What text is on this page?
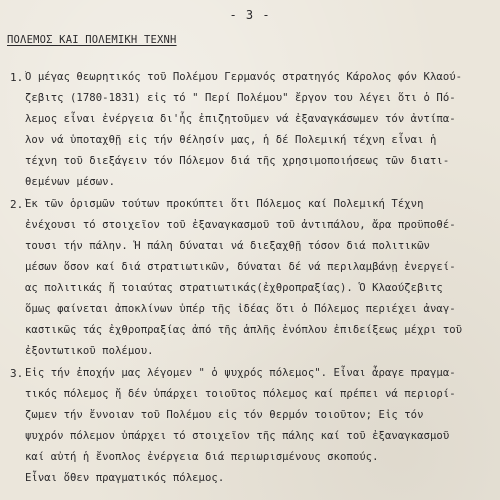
- 3 -
ΠΟΛΕΜΟΣ ΚΑΙ ΠΟΛΕΜΙΚΗ ΤΕΧΝΗ
1. Ὁ μέγας θεωρητικός τοῦ Πολέμου Γερμανός στρατηγός Κάρολος φόν Κλαού-
ζεβιτς (1780-1831) εἰς τό " Περί Πολέμου" ἔργον του λέγει ὅτι ὁ Πό-
λεμος εἶναι ἐνέργεια δι'ἧς ἐπιζητοῦμεν νά ἐξαναγκάσωμεν τόν ἀντίπα-
λον νά ὑποταχθῇ εἰς τήν θέλησίν μας, ἡ δέ Πολεμική τέχνη εἶναι ἡ
τέχνη τοῦ διεξάγειν τόν Πόλεμον διά τῆς χρησιμοποιήσεως τῶν διατι-
θεμένων μέσων.
2. Ἐκ τῶν ὁρισμῶν τούτων προκύπτει ὅτι Πόλεμος καί Πολεμική Τέχνη
ἐνέχουσι τό στοιχεῖον τοῦ ἐξαναγκασμοῦ τοῦ ἀντιπάλου, ἄρα προϋποθέ-
τουσι τήν πάλην. Ἡ πάλη δύναται νά διεξαχθῇ τόσον διά πολιτικῶν
μέσων ὅσον καί διά στρατιωτικῶν, δύναται δέ νά περιλαμβάνῃ ἐνεργεί-
ας πολιτικάς ἤ τοιαύτας στρατιωτικάς(ἐχθροπραξίας). Ὁ Κλαούζεβιτς
ὅμως φαίνεται ἀποκλίνων ὑπέρ τῆς ἰδέας ὅτι ὁ Πόλεμος περιέχει ἀναγ-
καστικῶς τάς ἐχθροπραξίας ἀπό τῆς ἁπλῆς ἐνόπλου ἐπιδείξεως μέχρι τοῦ
ἐξοντωτικοῦ πολέμου.
3. Εἰς τήν ἐποχήν μας λέγομεν " ὁ ψυχρός πόλεμος". Εἶναι ἆραγε πραγμα-
τικός πόλεμος ἤ δέν ὑπάρχει τοιοῦτος πόλεμος καί πρέπει νά περιορί-
ζωμεν τήν ἔννοιαν τοῦ Πολέμου εἰς τόν θερμόν τοιοῦτον; Εἰς τόν
ψυχρόν πόλεμον ὑπάρχει τό στοιχεῖον τῆς πάλης καί τοῦ ἐξαναγκασμοῦ
καί αὐτή ἡ ἔνοπλος ἐνέργεια διά περιωρισμένους σκοπούς.
Εἶναι ὅθεν πραγματικός πόλεμος.
